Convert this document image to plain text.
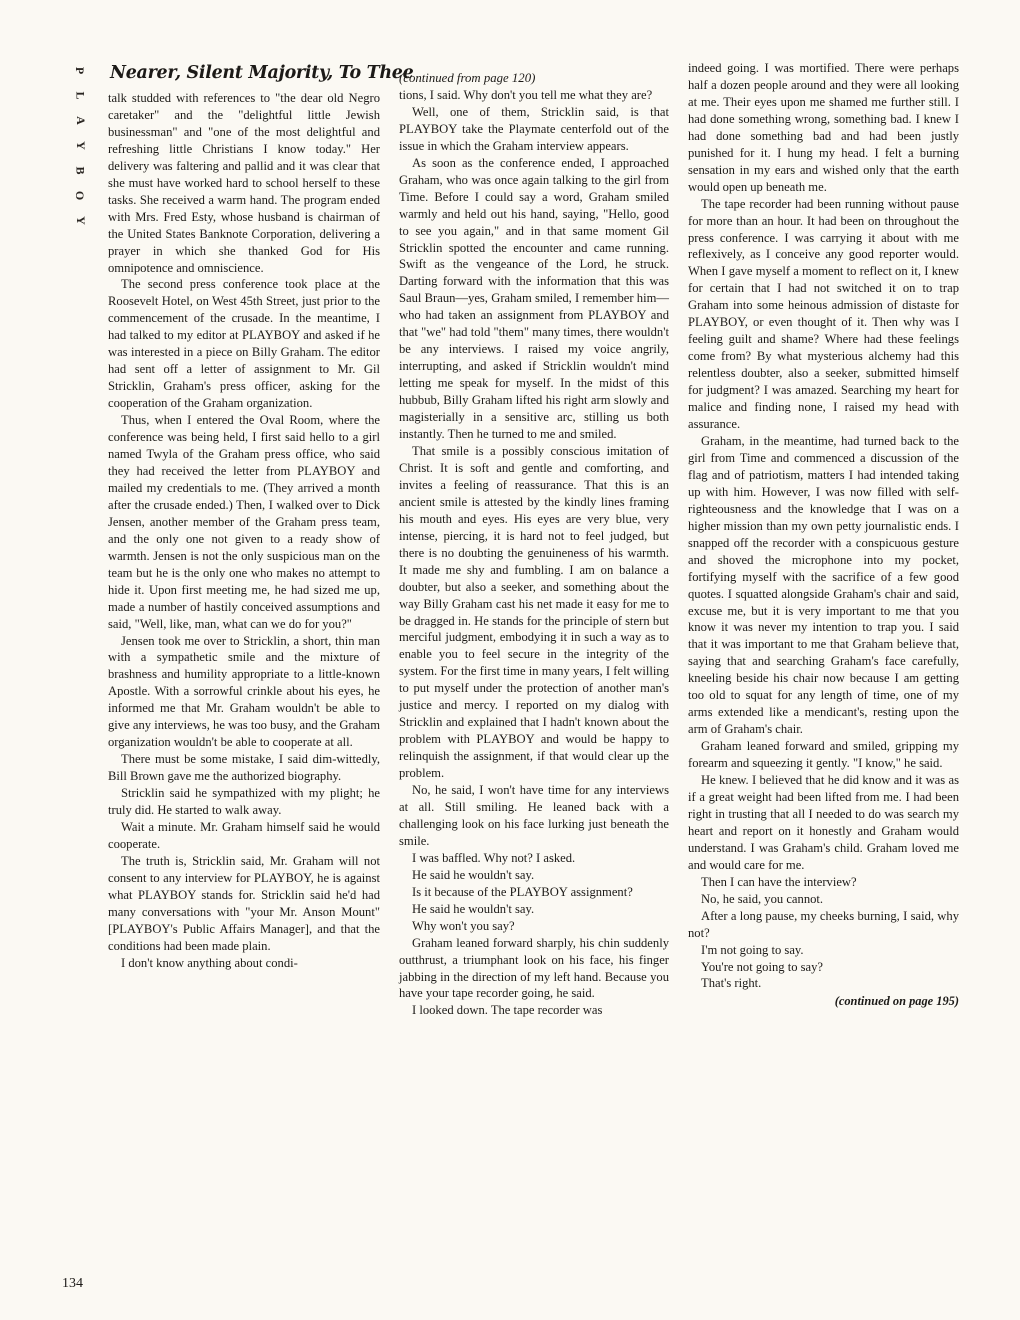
P
L
A
Y
B
O
Y
Nearer, Silent Majority, To Thee

talk studded with references to "the dear old Negro caretaker" and the "delightful little Jewish businessman" and "one of the most delightful and refreshing little Christians I know today." Her delivery was faltering and pallid and it was clear that she must have worked hard to school herself to these tasks. She received a warm hand. The program ended with Mrs. Fred Esty, whose husband is chairman of the United States Banknote Corporation, delivering a prayer in which she thanked God for His omnipotence and omniscience.

The second press conference took place at the Roosevelt Hotel, on West 45th Street, just prior to the commencement of the crusade. In the meantime, I had talked to my editor at PLAYBOY and asked if he was interested in a piece on Billy Graham. The editor had sent off a letter of assignment to Mr. Gil Stricklin, Graham's press officer, asking for the cooperation of the Graham organization.

Thus, when I entered the Oval Room, where the conference was being held, I first said hello to a girl named Twyla of the Graham press office, who said they had received the letter from PLAYBOY and mailed my credentials to me. (They arrived a month after the crusade ended.) Then, I walked over to Dick Jensen, another member of the Graham press team, and the only one not given to a ready show of warmth. Jensen is not the only suspicious man on the team but he is the only one who makes no attempt to hide it. Upon first meeting me, he had sized me up, made a number of hastily conceived assumptions and said, "Well, like, man, what can we do for you?"

Jensen took me over to Stricklin, a short, thin man with a sympathetic smile and the mixture of brashness and humility appropriate to a little-known Apostle. With a sorrowful crinkle about his eyes, he informed me that Mr. Graham wouldn't be able to give any interviews, he was too busy, and the Graham organization wouldn't be able to cooperate at all.

There must be some mistake, I said dim-wittedly, Bill Brown gave me the authorized biography.

Stricklin said he sympathized with my plight; he truly did. He started to walk away.

Wait a minute. Mr. Graham himself said he would cooperate.

The truth is, Stricklin said, Mr. Graham will not consent to any interview for PLAYBOY, he is against what PLAYBOY stands for. Stricklin said he'd had many conversations with "your Mr. Anson Mount" [PLAYBOY's Public Affairs Manager], and that the conditions had been made plain.

I don't know anything about condi-

(continued from page 120)

tions, I said. Why don't you tell me what they are?

Well, one of them, Stricklin said, is that PLAYBOY take the Playmate centerfold out of the issue in which the Graham interview appears.

As soon as the conference ended, I approached Graham, who was once again talking to the girl from Time. Before I could say a word, Graham smiled warmly and held out his hand, saying, "Hello, good to see you again," and in that same moment Gil Stricklin spotted the encounter and came running. Swift as the vengeance of the Lord, he struck. Darting forward with the information that this was Saul Braun—yes, Graham smiled, I remember him—who had taken an assignment from PLAYBOY and that "we" had told "them" many times, there wouldn't be any interviews. I raised my voice angrily, interrupting, and asked if Stricklin wouldn't mind letting me speak for myself. In the midst of this hubbub, Billy Graham lifted his right arm slowly and magisterially in a sensitive arc, stilling us both instantly. Then he turned to me and smiled.

That smile is a possibly conscious imitation of Christ. It is soft and gentle and comforting, and invites a feeling of reassurance. That this is an ancient smile is attested by the kindly lines framing his mouth and eyes. His eyes are very blue, very intense, piercing, it is hard not to feel judged, but there is no doubting the genuineness of his warmth. It made me shy and fumbling. I am on balance a doubter, but also a seeker, and something about the way Billy Graham cast his net made it easy for me to be dragged in. He stands for the principle of stern but merciful judgment, embodying it in such a way as to enable you to feel secure in the integrity of the system. For the first time in many years, I felt willing to put myself under the protection of another man's justice and mercy. I reported on my dialog with Stricklin and explained that I hadn't known about the problem with PLAYBOY and would be happy to relinquish the assignment, if that would clear up the problem.

No, he said, I won't have time for any interviews at all. Still smiling. He leaned back with a challenging look on his face lurking just beneath the smile.

I was baffled. Why not? I asked.

He said he wouldn't say.

Is it because of the PLAYBOY assignment?

He said he wouldn't say.

Why won't you say?

Graham leaned forward sharply, his chin suddenly outthrust, a triumphant look on his face, his finger jabbing in the direction of my left hand. Because you have your tape recorder going, he said.

I looked down. The tape recorder was

indeed going. I was mortified. There were perhaps half a dozen people around and they were all looking at me. Their eyes upon me shamed me further still. I had done something wrong, something bad. I knew I had done something bad and had been justly punished for it. I hung my head. I felt a burning sensation in my ears and wished only that the earth would open up beneath me.

The tape recorder had been running without pause for more than an hour. It had been on throughout the press conference. I was carrying it about with me reflexively, as I conceive any good reporter would. When I gave myself a moment to reflect on it, I knew for certain that I had not switched it on to trap Graham into some heinous admission of distaste for PLAYBOY, or even thought of it. Then why was I feeling guilt and shame? Where had these feelings come from? By what mysterious alchemy had this relentless doubter, also a seeker, submitted himself for judgment? I was amazed. Searching my heart for malice and finding none, I raised my head with assurance.

Graham, in the meantime, had turned back to the girl from Time and commenced a discussion of the flag and of patriotism, matters I had intended taking up with him. However, I was now filled with self-righteousness and the knowledge that I was on a higher mission than my own petty journalistic ends. I snapped off the recorder with a conspicuous gesture and shoved the microphone into my pocket, fortifying myself with the sacrifice of a few good quotes. I squatted alongside Graham's chair and said, excuse me, but it is very important to me that you know it was never my intention to trap you. I said that it was important to me that Graham believe that, saying that and searching Graham's face carefully, kneeling beside his chair now because I am getting too old to squat for any length of time, one of my arms extended like a mendicant's, resting upon the arm of Graham's chair.

Graham leaned forward and smiled, gripping my forearm and squeezing it gently. "I know," he said.

He knew. I believed that he did know and it was as if a great weight had been lifted from me. I had been right in trusting that all I needed to do was search my heart and report on it honestly and Graham would understand. I was Graham's child. Graham loved me and would care for me.

Then I can have the interview?

No, he said, you cannot.

After a long pause, my cheeks burning, I said, why not?

I'm not going to say.

You're not going to say?

That's right.

(continued on page 195)
134
